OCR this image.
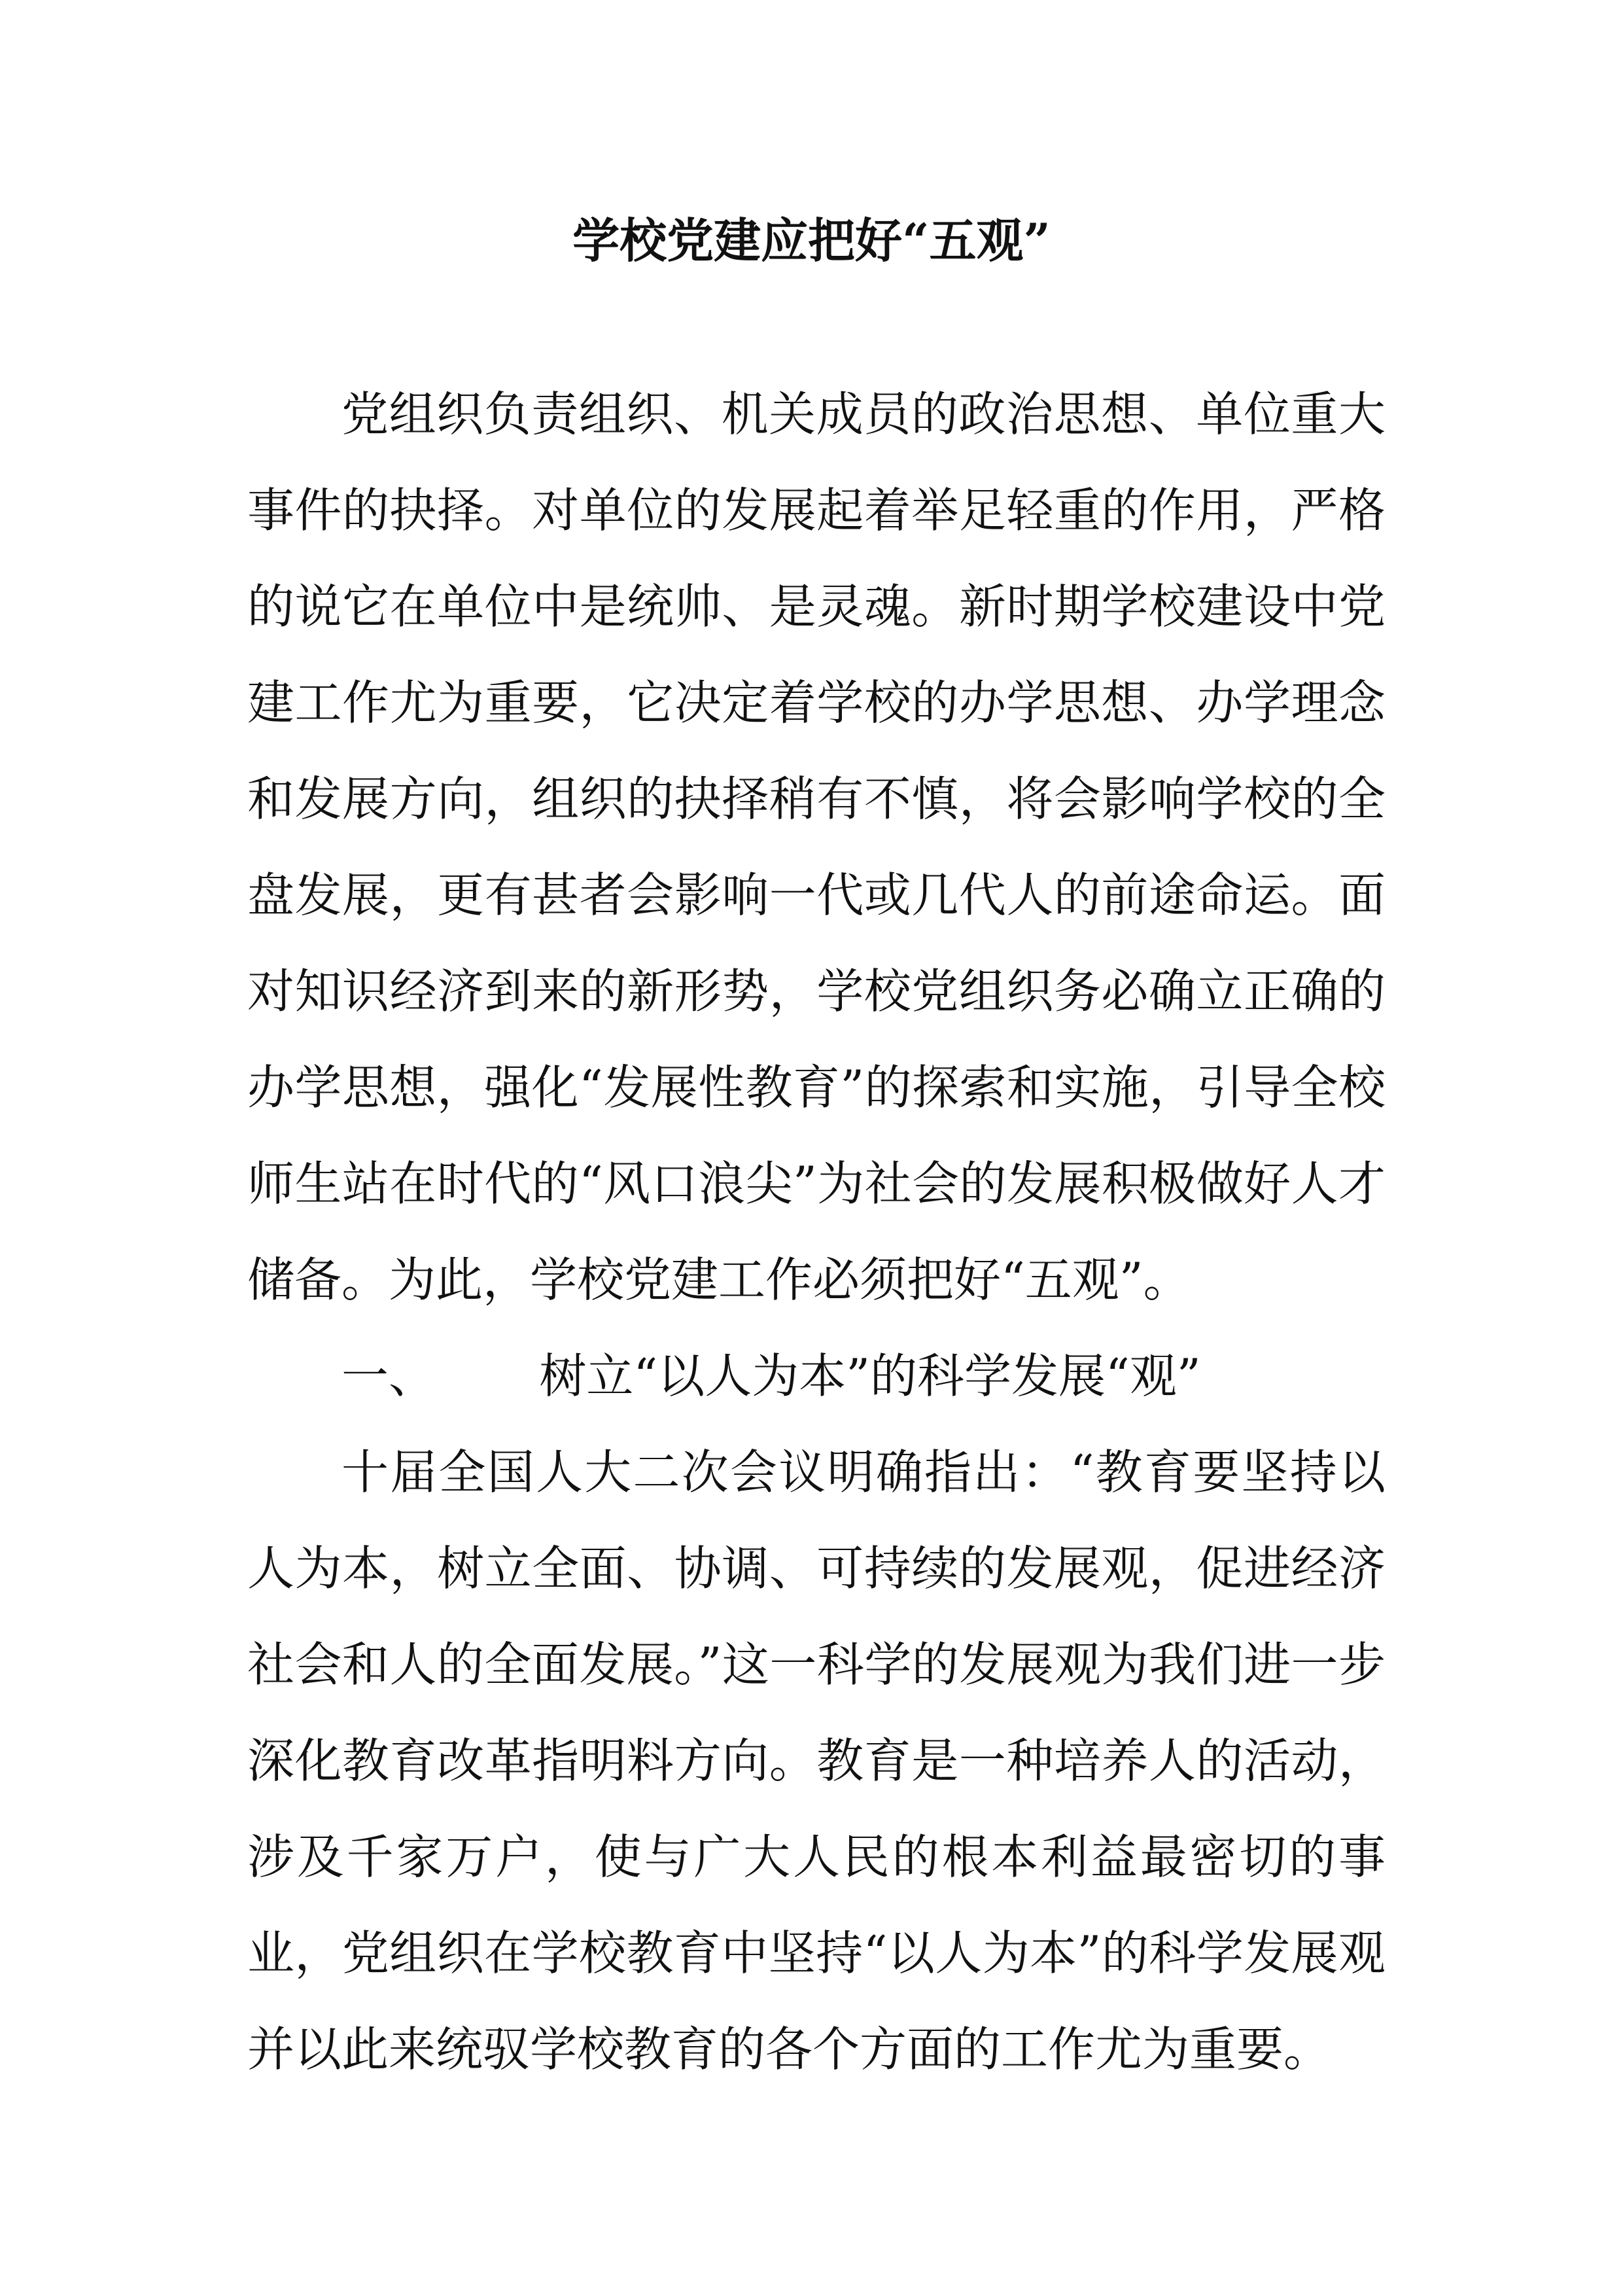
学校党建应把好“五观”

党组织负责组织、机关成员的政治思想、单位重大事件的抉择。对单位的发展起着举足轻重的作用，严格的说它在单位中是统帅、是灵魂。新时期学校建设中党建工作尤为重要，它决定着学校的办学思想、办学理念和发展方向，组织的抉择稍有不慎，将会影响学校的全盘发展，更有甚者会影响一代或几代人的前途命运。面对知识经济到来的新形势，学校党组织务必确立正确的办学思想，强化“发展性教育”的探索和实施，引导全校师生站在时代的“风口浪尖”为社会的发展积极做好人才储备。为此，学校党建工作必须把好“五观”。

一、 树立“以人为本”的科学发展“观”

十届全国人大二次会议明确指出：“教育要坚持以人为本，树立全面、协调、可持续的发展观，促进经济社会和人的全面发展。”这一科学的发展观为我们进一步深化教育改革指明料方向。教育是一种培养人的活动，涉及千家万户，使与广大人民的根本利益最密切的事业，党组织在学校教育中坚持“以人为本”的科学发展观并以此来统驭学校教育的各个方面的工作尤为重要。
